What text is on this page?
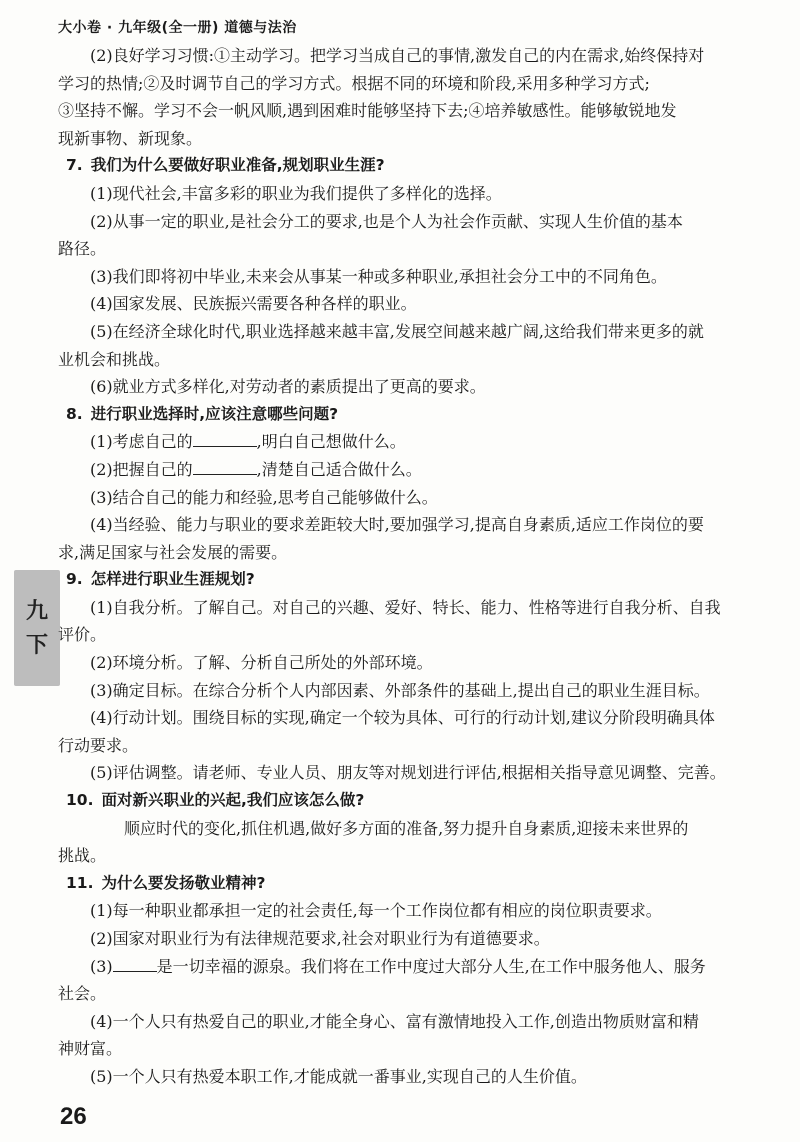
大小卷 · 九年级(全一册) 道德与法治
九
下
(2)良好学习习惯:①主动学习。把学习当成自己的事情,激发自己的内在需求,始终保持对
学习的热情;②及时调节自己的学习方式。根据不同的环境和阶段,采用多种学习方式;
③坚持不懈。学习不会一帆风顺,遇到困难时能够坚持下去;④培养敏感性。能够敏锐地发
现新事物、新现象。
7. 我们为什么要做好职业准备,规划职业生涯?
(1)现代社会,丰富多彩的职业为我们提供了多样化的选择。
(2)从事一定的职业,是社会分工的要求,也是个人为社会作贡献、实现人生价值的基本
路径。
(3)我们即将初中毕业,未来会从事某一种或多种职业,承担社会分工中的不同角色。
(4)国家发展、民族振兴需要各种各样的职业。
(5)在经济全球化时代,职业选择越来越丰富,发展空间越来越广阔,这给我们带来更多的就
业机会和挑战。
(6)就业方式多样化,对劳动者的素质提出了更高的要求。
8. 进行职业选择时,应该注意哪些问题?
(1)考虑自己的	,明白自己想做什么。
(2)把握自己的	,清楚自己适合做什么。
(3)结合自己的能力和经验,思考自己能够做什么。
(4)当经验、能力与职业的要求差距较大时,要加强学习,提高自身素质,适应工作岗位的要
求,满足国家与社会发展的需要。
9. 怎样进行职业生涯规划?
(1)自我分析。了解自己。对自己的兴趣、爱好、特长、能力、性格等进行自我分析、自我
评价。
(2)环境分析。了解、分析自己所处的外部环境。
(3)确定目标。在综合分析个人内部因素、外部条件的基础上,提出自己的职业生涯目标。
(4)行动计划。围绕目标的实现,确定一个较为具体、可行的行动计划,建议分阶段明确具体
行动要求。
(5)评估调整。请老师、专业人员、朋友等对规划进行评估,根据相关指导意见调整、完善。
10. 面对新兴职业的兴起,我们应该怎么做?
顺应时代的变化,抓住机遇,做好多方面的准备,努力提升自身素质,迎接未来世界的
挑战。
11. 为什么要发扬敬业精神?
(1)每一种职业都承担一定的社会责任,每一个工作岗位都有相应的岗位职责要求。
(2)国家对职业行为有法律规范要求,社会对职业行为有道德要求。
(3)	是一切幸福的源泉。我们将在工作中度过大部分人生,在工作中服务他人、服务
社会。
(4)一个人只有热爱自己的职业,才能全身心、富有激情地投入工作,创造出物质财富和精
神财富。
(5)一个人只有热爱本职工作,才能成就一番事业,实现自己的人生价值。
26
